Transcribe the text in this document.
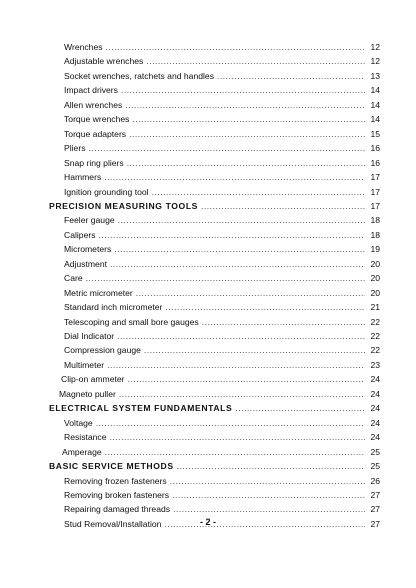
Wrenches .....	12
Adjustable wrenches .....	12
Socket wrenches, ratchets and handles .....	13
Impact drivers .....	14
Allen wrenches .....	14
Torque wrenches .....	14
Torque adapters .....	15
Pliers .....	16
Snap ring pliers .....	16
Hammers .....	17
Ignition grounding tool .....	17
PRECISION MEASURING TOOLS .....	17
Feeler gauge .....	18
Calipers .....	18
Micrometers .....	19
Adjustment .....	20
Care .....	20
Metric micrometer .....	20
Standard inch micrometer .....	21
Telescoping and small bore gauges .....	22
Dial Indicator .....	22
Compression gauge .....	22
Multimeter .....	23
Clip-on ammeter .....	24
Magneto puller .....	24
ELECTRICAL SYSTEM FUNDAMENTALS .....	24
Voltage .....	24
Resistance .....	24
Amperage .....	25
BASIC SERVICE METHODS .....	25
Removing frozen fasteners .....	26
Removing broken fasteners .....	27
Repairing damaged threads .....	27
Stud Removal/Installation .....	27
- 2 -
